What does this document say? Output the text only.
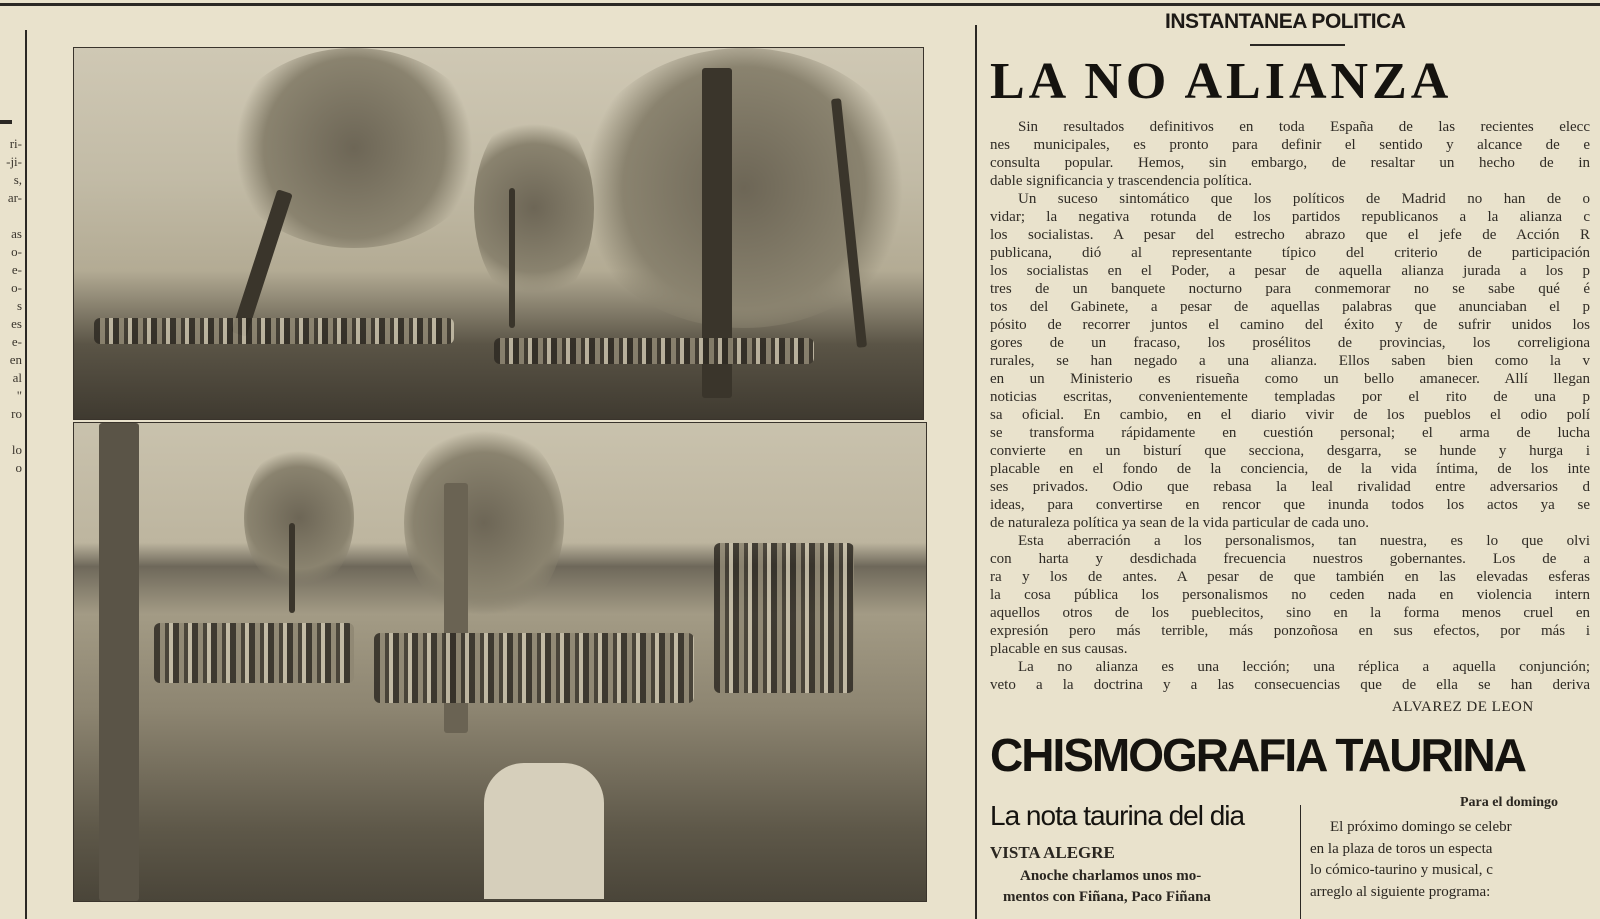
ri-
-ji-
s,
ar-
as
o-
e-
o-
s
es
e-
en
al
"
ro
lo
o
INSTANTANEA POLITICA
LA NO ALIANZA
Sin resultados definitivos en toda España de las recientes elecc
nes municipales, es pronto para definir el sentido y alcance de e
consulta popular. Hemos, sin embargo, de resaltar un hecho de in
dable significancia y trascendencia política.
Un suceso sintomático que los políticos de Madrid no han de o
vidar; la negativa rotunda de los partidos republicanos a la alianza c
los socialistas. A pesar del estrecho abrazo que el jefe de Acción R
publicana, dió al representante típico del criterio de participación
los socialistas en el Poder, a pesar de aquella alianza jurada a los p
tres de un banquete nocturno para conmemorar no se sabe qué é
tos del Gabinete, a pesar de aquellas palabras que anunciaban el p
pósito de recorrer juntos el camino del éxito y de sufrir unidos los
gores de un fracaso, los prosélitos de provincias, los correligiona
rurales, se han negado a una alianza. Ellos saben bien como la v
en un Ministerio es risueña como un bello amanecer. Allí llegan
noticias escritas, convenientemente templadas por el rito de una p
sa oficial. En cambio, en el diario vivir de los pueblos el odio polí
se transforma rápidamente en cuestión personal; el arma de lucha
convierte en un bisturí que secciona, desgarra, se hunde y hurga i
placable en el fondo de la conciencia, de la vida íntima, de los inte
ses privados. Odio que rebasa la leal rivalidad entre adversarios d
ideas, para convertirse en rencor que inunda todos los actos ya se
de naturaleza política ya sean de la vida particular de cada uno.
Esta aberración a los personalismos, tan nuestra, es lo que olvi
con harta y desdichada frecuencia nuestros gobernantes. Los de a
ra y los de antes. A pesar de que también en las elevadas esferas
la cosa pública los personalismos no ceden nada en violencia intern
aquellos otros de los pueblecitos, sino en la forma menos cruel en
expresión pero más terrible, más ponzoñosa en sus efectos, por más i
placable en sus causas.
La no alianza es una lección; una réplica a aquella conjunción;
veto a la doctrina y a las consecuencias que de ella se han deriva
ALVAREZ DE LEON
CHISMOGRAFIA TAURINA
La nota taurina del dia
VISTA ALEGRE
Anoche charlamos unos mo-
mentos con Fiñana, Paco Fiñana
Para el domingo
El próximo domingo se celebr
en la plaza de toros un especta
lo cómico-taurino y musical, c
arreglo al siguiente programa:
